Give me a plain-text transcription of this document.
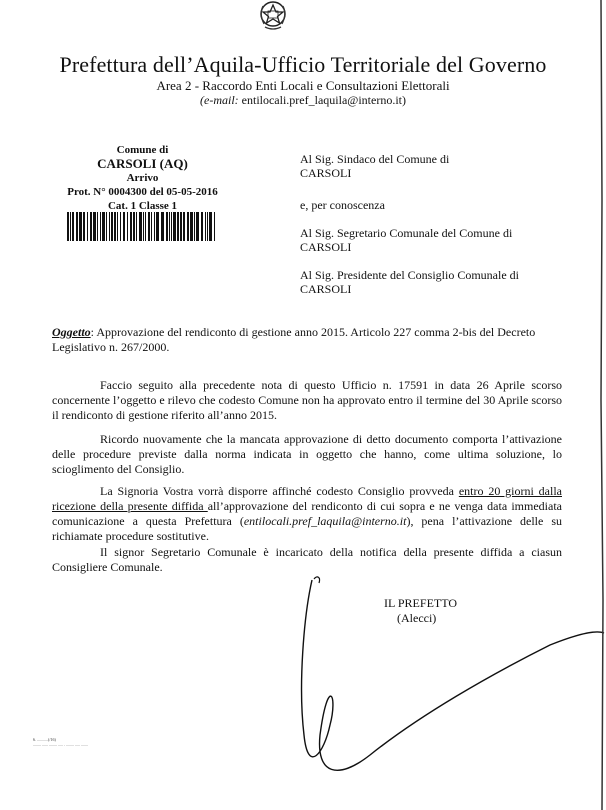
Prefettura dell’Aquila-Ufficio Territoriale del Governo
Area 2 - Raccordo Enti Locali e Consultazioni Elettorali
(e-mail: entilocali.pref_laquila@interno.it)
Comune di
CARSOLI (AQ)
Arrivo
Prot. N° 0004300 del 05-05-2016
Cat. 1 Classe 1
Al Sig. Sindaco del Comune di
CARSOLI
e, per conoscenza
Al Sig. Segretario Comunale del Comune di
CARSOLI
Al Sig. Presidente del Consiglio Comunale di
CARSOLI
Oggetto: Approvazione del rendiconto di gestione anno 2015. Articolo 227 comma 2-bis del Decreto Legislativo n. 267/2000.
Faccio seguito alla precedente nota di questo Ufficio n. 17591 in data 26 Aprile scorso concernente l’oggetto e rilevo che codesto Comune non ha approvato entro il termine del 30 Aprile scorso il rendiconto di gestione riferito all’anno 2015.
Ricordo nuovamente che la mancata approvazione di detto documento comporta l’attivazione delle procedure previste dalla norma indicata in oggetto che hanno, come ultima soluzione, lo scioglimento del Consiglio.
La Signoria Vostra vorrà disporre affinché codesto Consiglio provveda entro 20 giorni dalla ricezione della presente diffida all’approvazione del rendiconto di cui sopra e ne venga data immediata comunicazione a questa Prefettura (entilocali.pref_laquila@interno.it), pena l’attivazione delle su richiamate procedure sostitutive.
Il signor Segretario Comunale è incaricato della notifica della presente diffida a ciasun Consigliere Comunale.
IL PREFETTO
(Alecci)
6. ...........(/16)
........ ...... ........ ..... . ........ ..... .......
